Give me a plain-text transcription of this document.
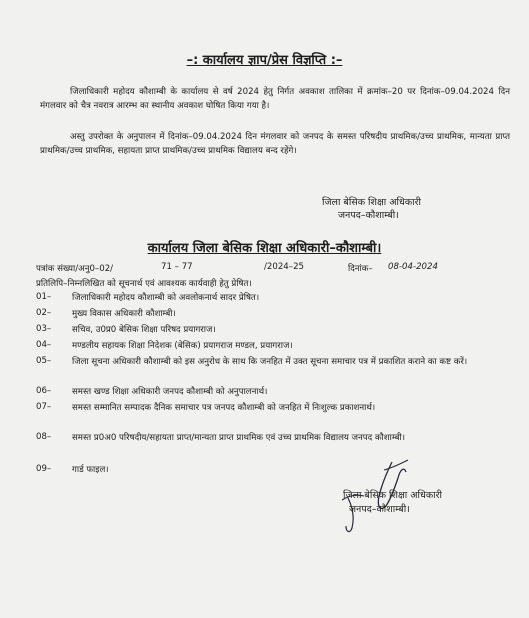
–: कार्यालय ज्ञाप/प्रेस विज्ञप्ति :–
जिलाधिकारी महोदय कौशाम्बी के कार्यालय से वर्ष 2024 हेतु निर्गत अवकाश तालिका में क्रमांक–20 पर दिनांक–09.04.2024 दिन मंगलवार को चैत्र नवरात्र आरम्भ का स्थानीय अवकाश घोषित किया गया है।
अस्तु उपरोक्त के अनुपालन में दिनांक–09.04.2024 दिन मंगलवार को जनपद के समस्त परिषदीय प्राथमिक/उच्च प्राथमिक, मान्यता प्राप्त प्राथमिक/उच्च प्राथमिक, सहायता प्राप्त प्राथमिक/उच्च प्राथमिक विद्यालय बन्द रहेंगे।
जिला बेसिक शिक्षा अधिकारी
जनपद–कौशाम्बी।
कार्यालय जिला बेसिक शिक्षा अधिकारी–कौशाम्बी।
पत्रांक संख्या/अनु0–02/	71 – 77	/2024–25	दिनांक– 08-04-2024
प्रतिलिपि–निम्नलिखित को सूचनार्थ एवं आवश्यक कार्यवाही हेतु प्रेषित।
01–	जिलाधिकारी महोदय कौशाम्बी को अवलोकनार्थ सादर प्रेषित।
02–	मुख्य विकास अधिकारी कौशाम्बी।
03–	सचिव, उ0प्र0 बेसिक शिक्षा परिषद प्रयागराज।
04–	मण्डलीय सहायक शिक्षा निदेशक (बेसिक) प्रयागराज मण्डल, प्रयागराज।
05–	जिला सूचना अधिकारी कौशाम्बी को इस अनुरोध के साथ कि जनहित में उक्त सूचना समाचार पत्र में प्रकाशित कराने का कष्ट करें।
06–	समस्त खण्ड शिक्षा अधिकारी जनपद कौशाम्बी को अनुपालनार्थ।
07–	समस्त सम्मानित सम्पादक दैनिक समाचार पत्र जनपद कौशाम्बी को जनहित में निःशुल्क प्रकाशनार्थ।
08–	समस्त प्र0अ0 परिषदीय/सहायता प्राप्त/मान्यता प्राप्त प्राथमिक एवं उच्च प्राथमिक विद्यालय जनपद कौशाम्बी।
09–	गार्ड फाइल।
जिला बेसिक शिक्षा अधिकारी
जनपद–कौशाम्बी।
